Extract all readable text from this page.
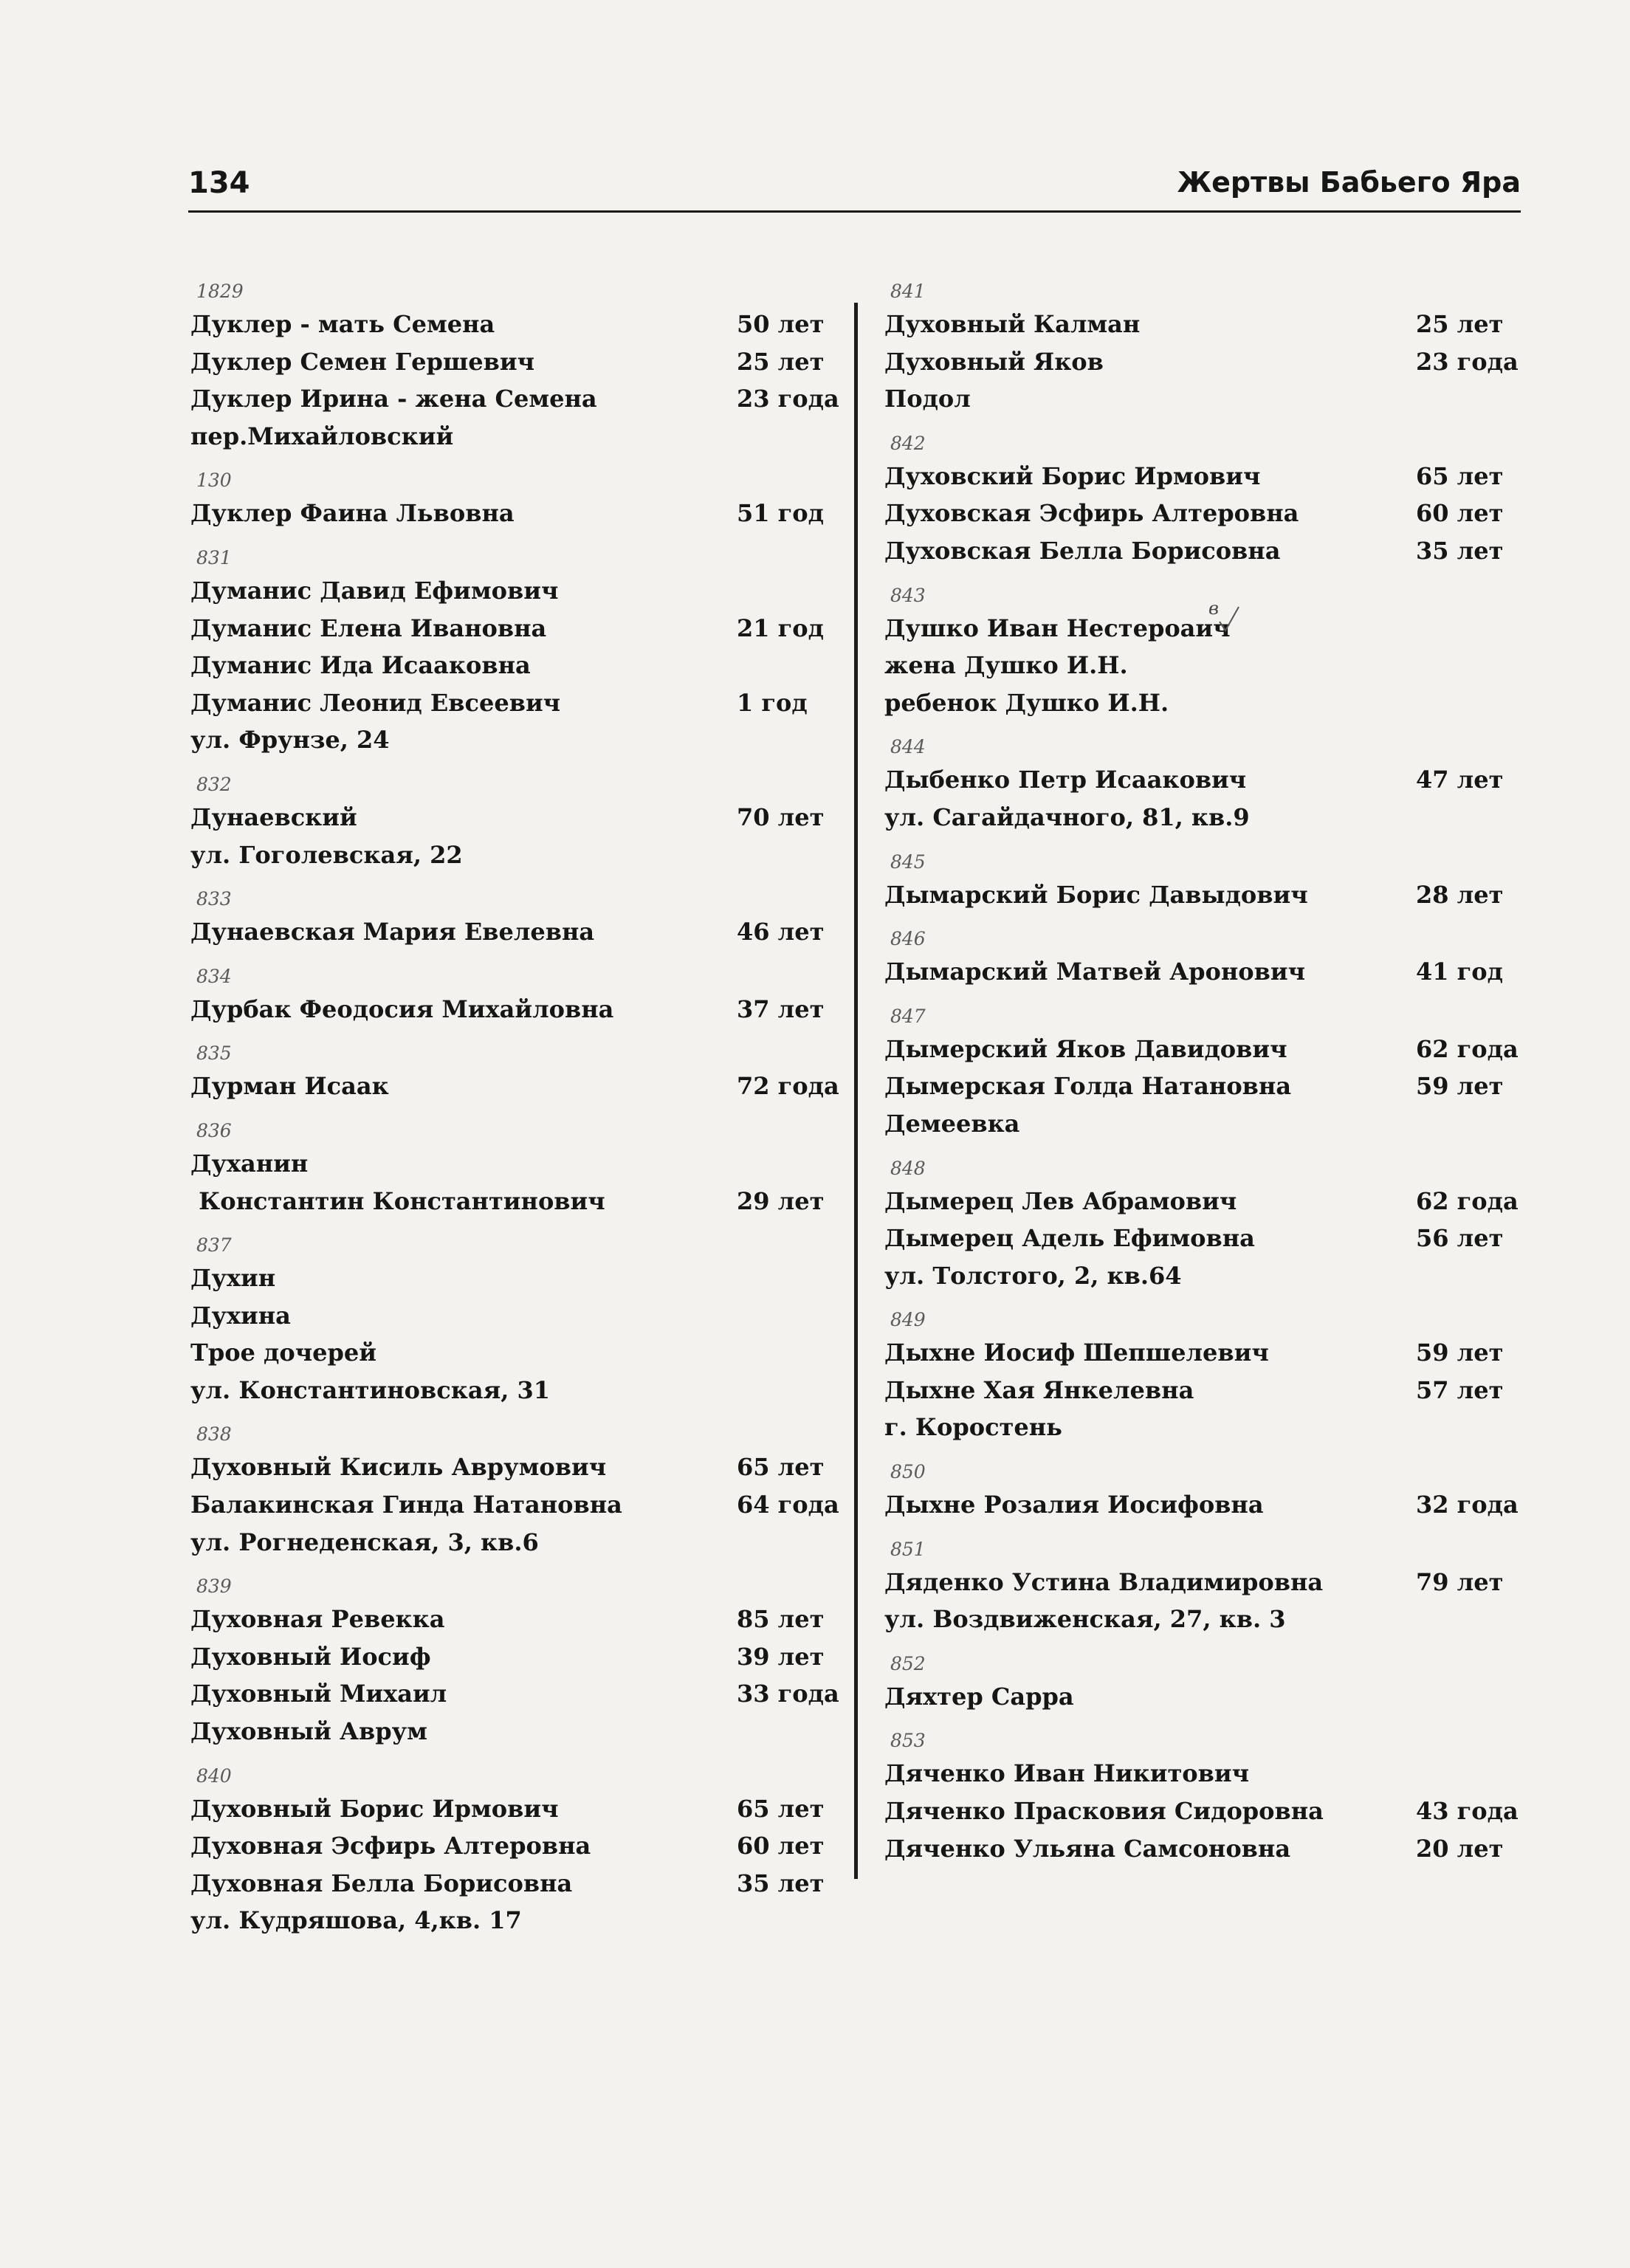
134	Жертвы Бабьего Яра
1829
Дуклер - мать Семена	50 лет
Дуклер Семен Гершевич	25 лет
Дуклер Ирина - жена Семена	23 года
пер.Михайловский
130
Дуклер Фаина Львовна	51 год
831
Думанис Давид Ефимович
Думанис Елена Ивановна	21 год
Думанис Ида Исааковна
Думанис Леонид Евсеевич	1 год
ул. Фрунзе, 24
832
Дунаевский	70 лет
ул. Гоголевская, 22
833
Дунаевская Мария Евелевна	46 лет
834
Дурбак Феодосия Михайловна	37 лет
835
Дурман Исаак	72 года
836
Духанин
Константин Константинович	29 лет
837
Духин
Духина
Трое дочерей
ул. Константиновская, 31
838
Духовный Кисиль Аврумович	65 лет
Балакинская Гинда Натановна	64 года
ул. Рогнеденская, 3, кв.6
839
Духовная Ревекка	85 лет
Духовный Иосиф	39 лет
Духовный Михаил	33 года
Духовный Аврум
840
Духовный Борис Ирмович	65 лет
Духовная Эсфирь Алтеровна	60 лет
Духовная Белла Борисовна	35 лет
ул. Кудряшова, 4,кв. 17
841
Духовный Калман	25 лет
Духовный Яков	23 года
Подол
842
Духовский Борис Ирмович	65 лет
Духовская Эсфирь Алтеровна	60 лет
Духовская Белла Борисовна	35 лет
843
Душко Иван Нестероаич
жена Душко И.Н.
ребенок Душко И.Н.
844
Дыбенко Петр Исаакович	47 лет
ул. Сагайдачного, 81, кв.9
845
Дымарский Борис Давыдович	28 лет
846
Дымарский Матвей Аронович	41 год
847
Дымерский Яков Давидович	62 года
Дымерская Голда Натановна	59 лет
Демеевка
848
Дымерец Лев Абрамович	62 года
Дымерец Адель Ефимовна	56 лет
ул. Толстого, 2, кв.64
849
Дыхне Иосиф Шепшелевич	59 лет
Дыхне Хая Янкелевна	57 лет
г. Коростень
850
Дыхне Розалия Иосифовна	32 года
851
Дяденко Устина Владимировна	79 лет
ул. Воздвиженская, 27, кв. 3
852
Дяхтер Сарра
853
Дяченко Иван Никитович
Дяченко Прасковия Сидоровна	43 года
Дяченко Ульяна Самсоновна	20 лет
в
